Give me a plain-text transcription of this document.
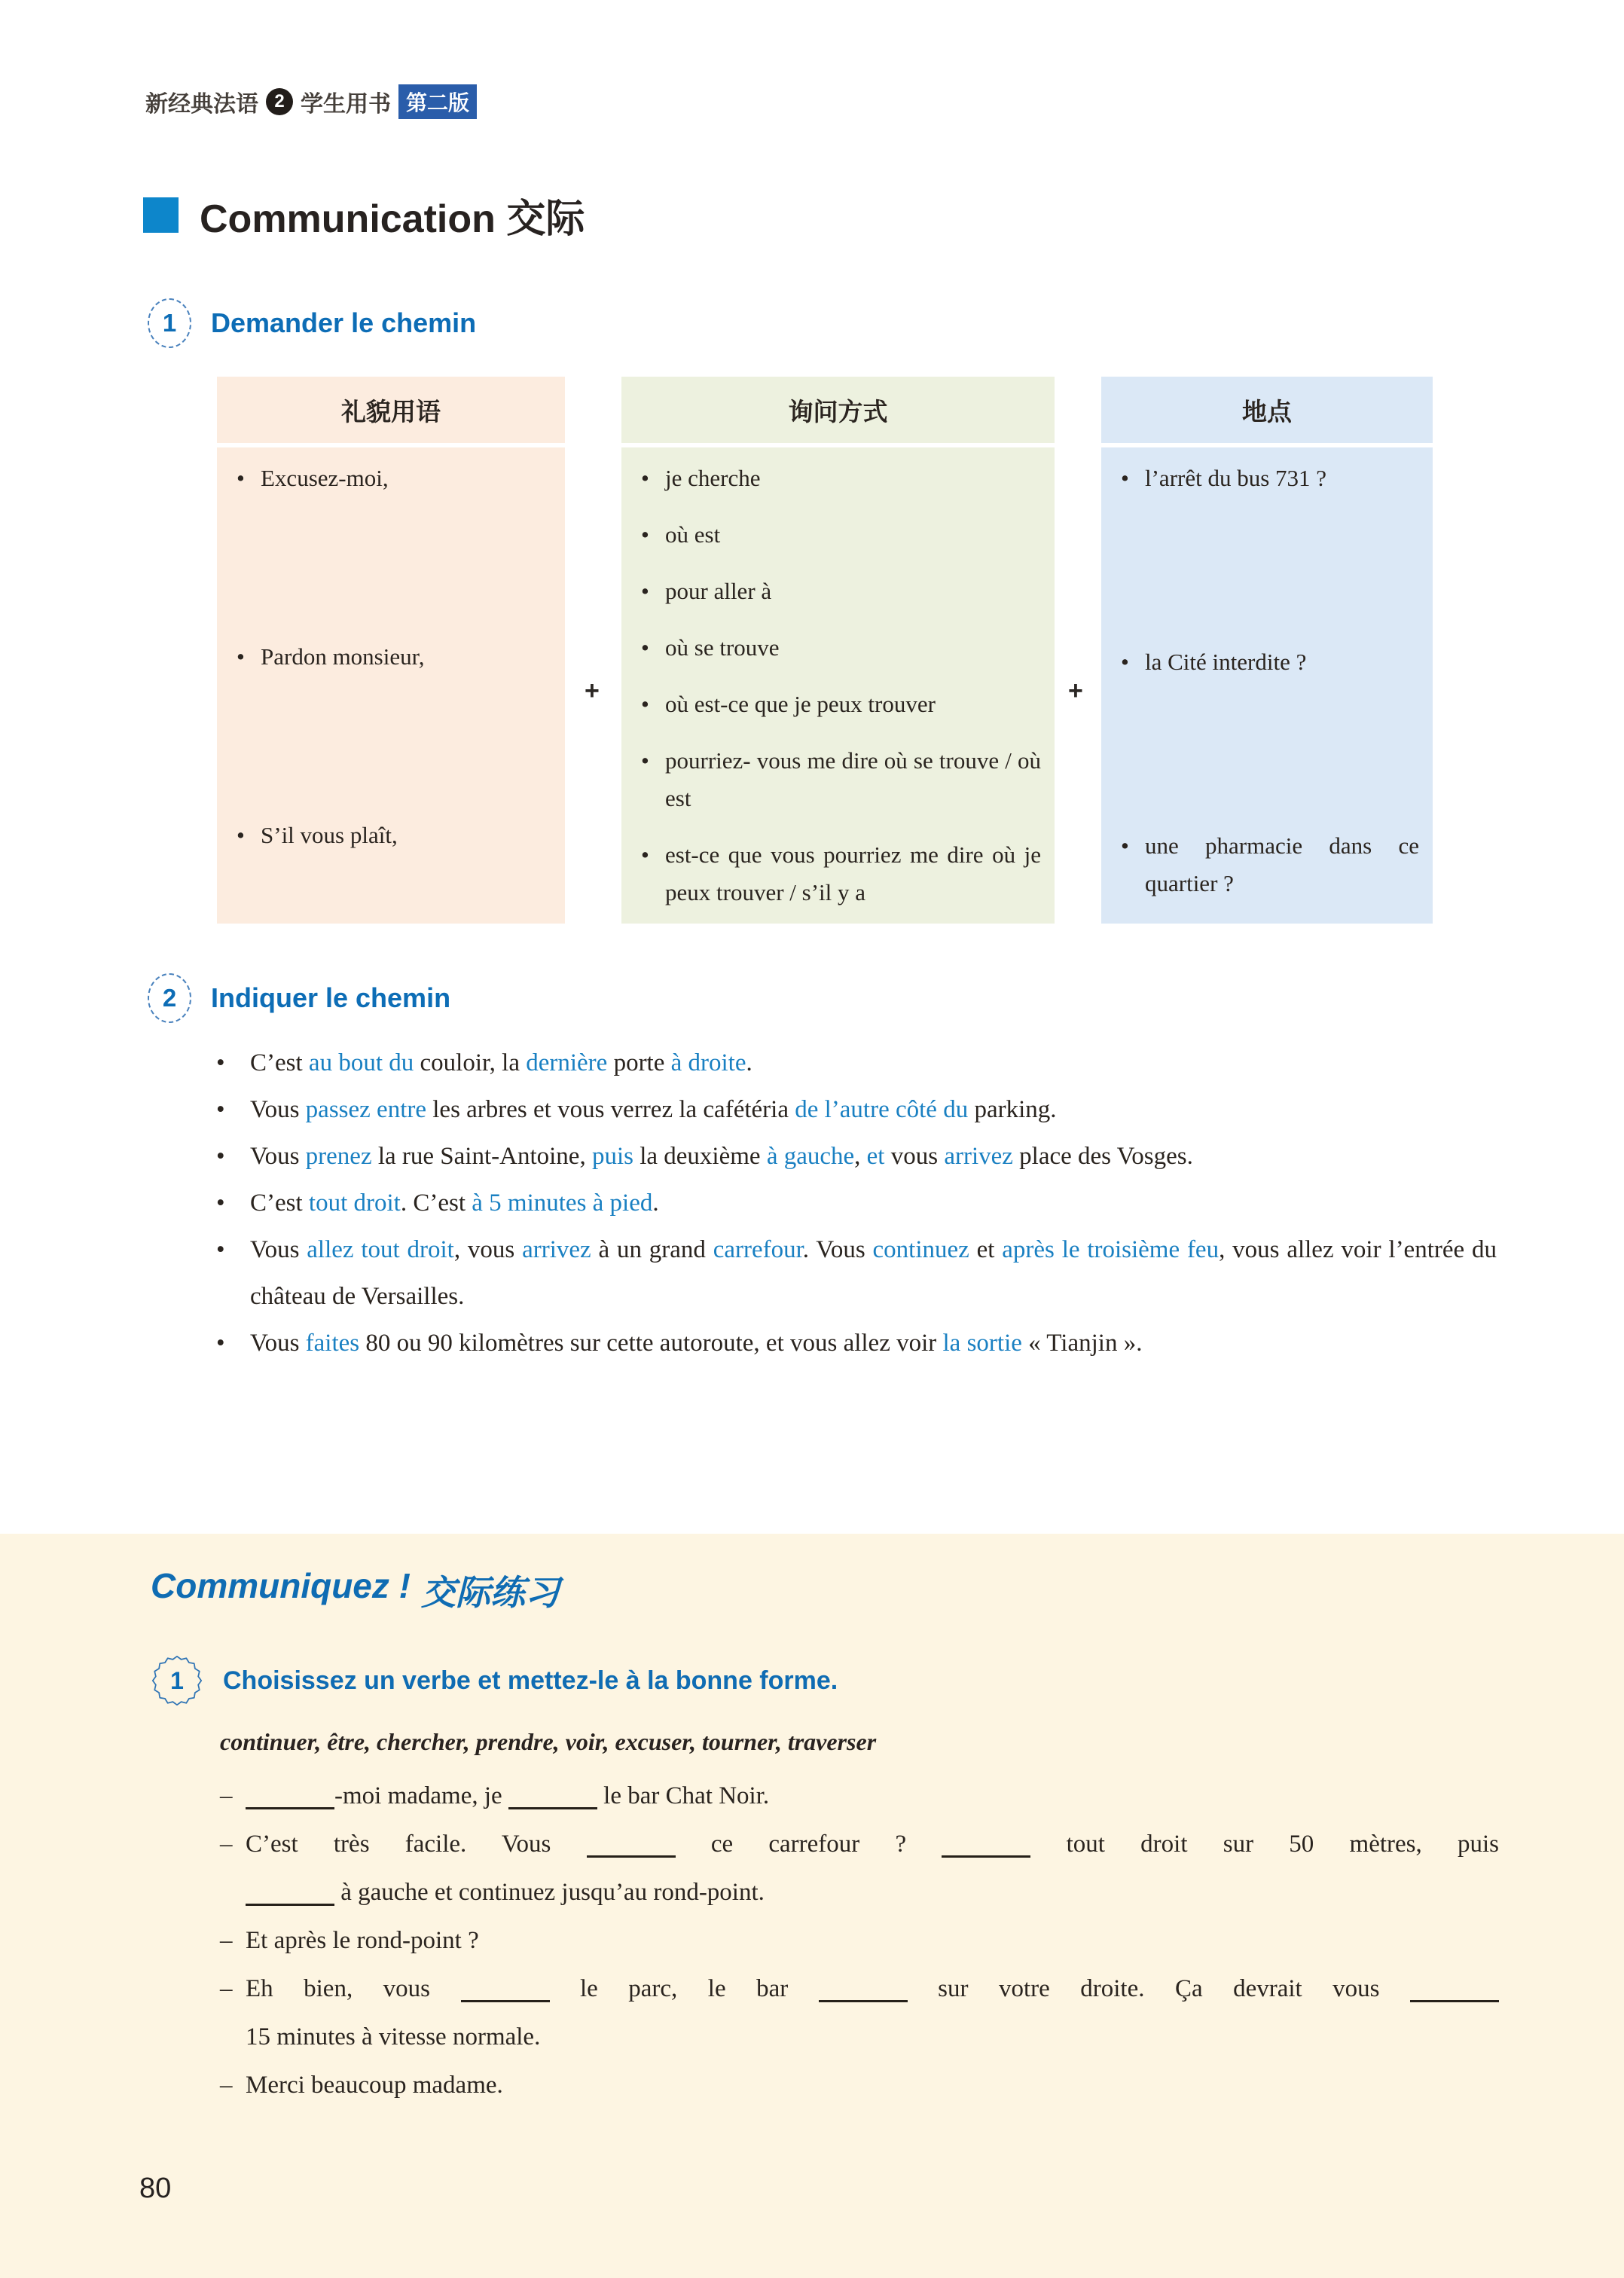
新经典法语 2 学生用书 第二版
Communication 交际
1	Demander le chemin
礼貌用语
• Excusez-moi,
• Pardon monsieur,
• S’il vous plaît,
询问方式
• je cherche
• où est
• pour aller à
• où se trouve
• où est-ce que je peux trouver
• pourriez- vous me dire où se trouve / où est
• est-ce que vous pourriez me dire où je peux trouver / s’il y a
地点
• l’arrêt du bus 731 ?
• la Cité interdite ?
• une pharmacie dans ce quartier ?
+	+
2	Indiquer le chemin
•	C’est au bout du couloir, la dernière porte à droite.

•	Vous passez entre les arbres et vous verrez la cafétéria de l’autre côté du parking.

•	Vous prenez la rue Saint-Antoine, puis la deuxième à gauche, et vous arrivez place des Vosges.

•	C’est tout droit. C’est à 5 minutes à pied.

•	Vous allez tout droit, vous arrivez à un grand carrefour. Vous continuez et après le troisième feu, vous allez voir l’entrée du château de Versailles.

•	Vous faites 80 ou 90 kilomètres sur cette autoroute, et vous allez voir la sortie « Tianjin ».

Communiquez ! 交际练习
1	Choisissez un verbe et mettez-le à la bonne forme.
continuer, être, chercher, prendre, voir, excuser, tourner, traverser
–	-moi madame, je	le bar Chat Noir.
– C’est très facile. Vous	ce carrefour ?	tout droit sur 50 mètres, puis
à gauche et continuez jusqu’au rond-point.
– Et après le rond-point ?
– Eh bien, vous	le parc, le bar	sur votre droite. Ça devrait vous
15 minutes à vitesse normale.
– Merci beaucoup madame.
80
